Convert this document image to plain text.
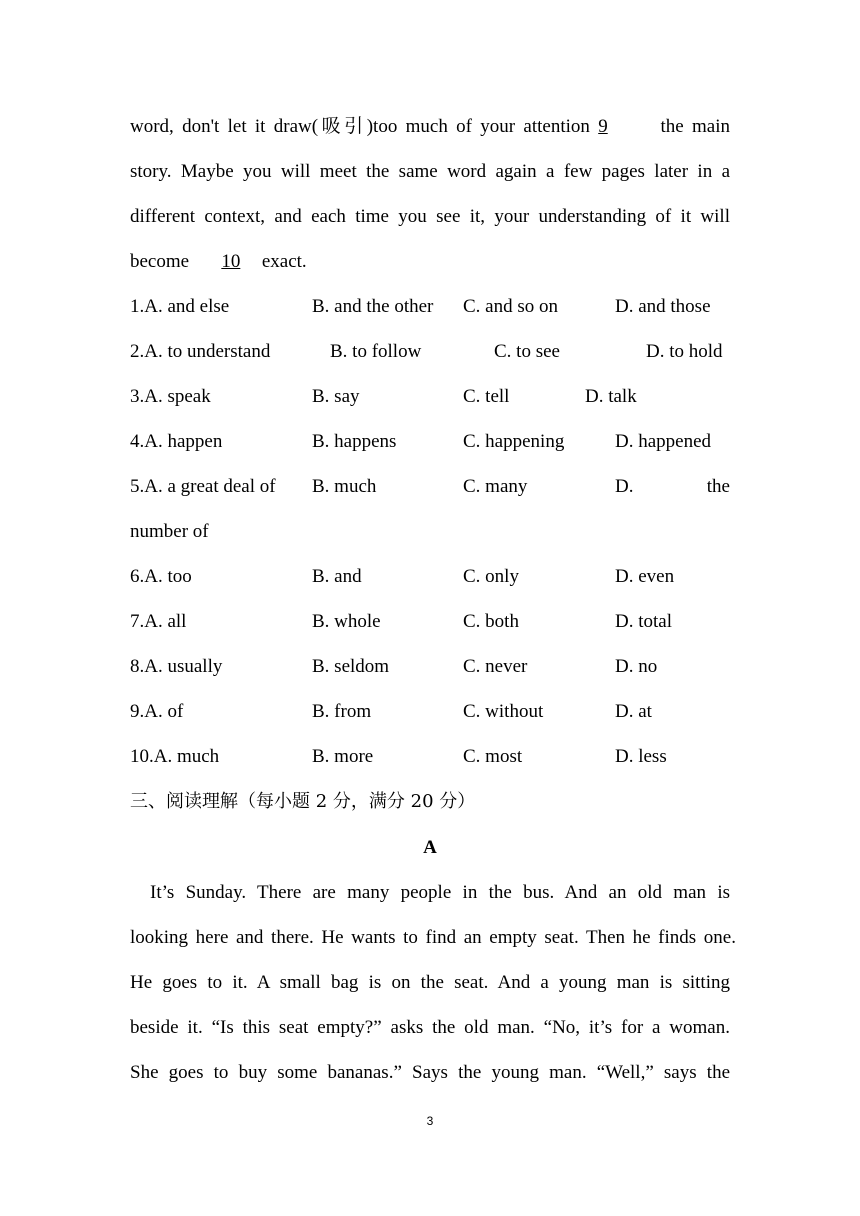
word, don't let it draw(吸引)too much of your attention 9	the main
story. Maybe you will meet the same word again a few pages later in a
different context, and each time you see it, your understanding of it will
become 10exact.
1.A. and else	B. and the other C. and so on	D. and those
2.A. to understand	B. to follow	C. to see	D. to hold
3.A. speak	B. say	C. tell	D. talk
4.A. happen	B. happens	C. happening	D. happened
5.A. a great deal of B. much	C. many	D.	the
number of
6.A. too	B. and	C. only	D. even
7.A. all	B. whole	C. both	D. total
8.A. usually	B. seldom	C. never	D. no
9.A. of	B. from	C. without	D. at
10.A. much	B. more	C. most	D. less
三、阅读理解（每小题 2 分，满分 20 分）
A
It’s Sunday. There are many people in the bus. And an old man is
looking here and there. He wants to find an empty seat. Then he finds one.
He goes to it. A small bag is on the seat. And a young man is sitting
beside it. “Is this seat empty?” asks the old man. “No, it’s for a woman.
She goes to buy some bananas.” Says the young man. “Well,” says the
3
